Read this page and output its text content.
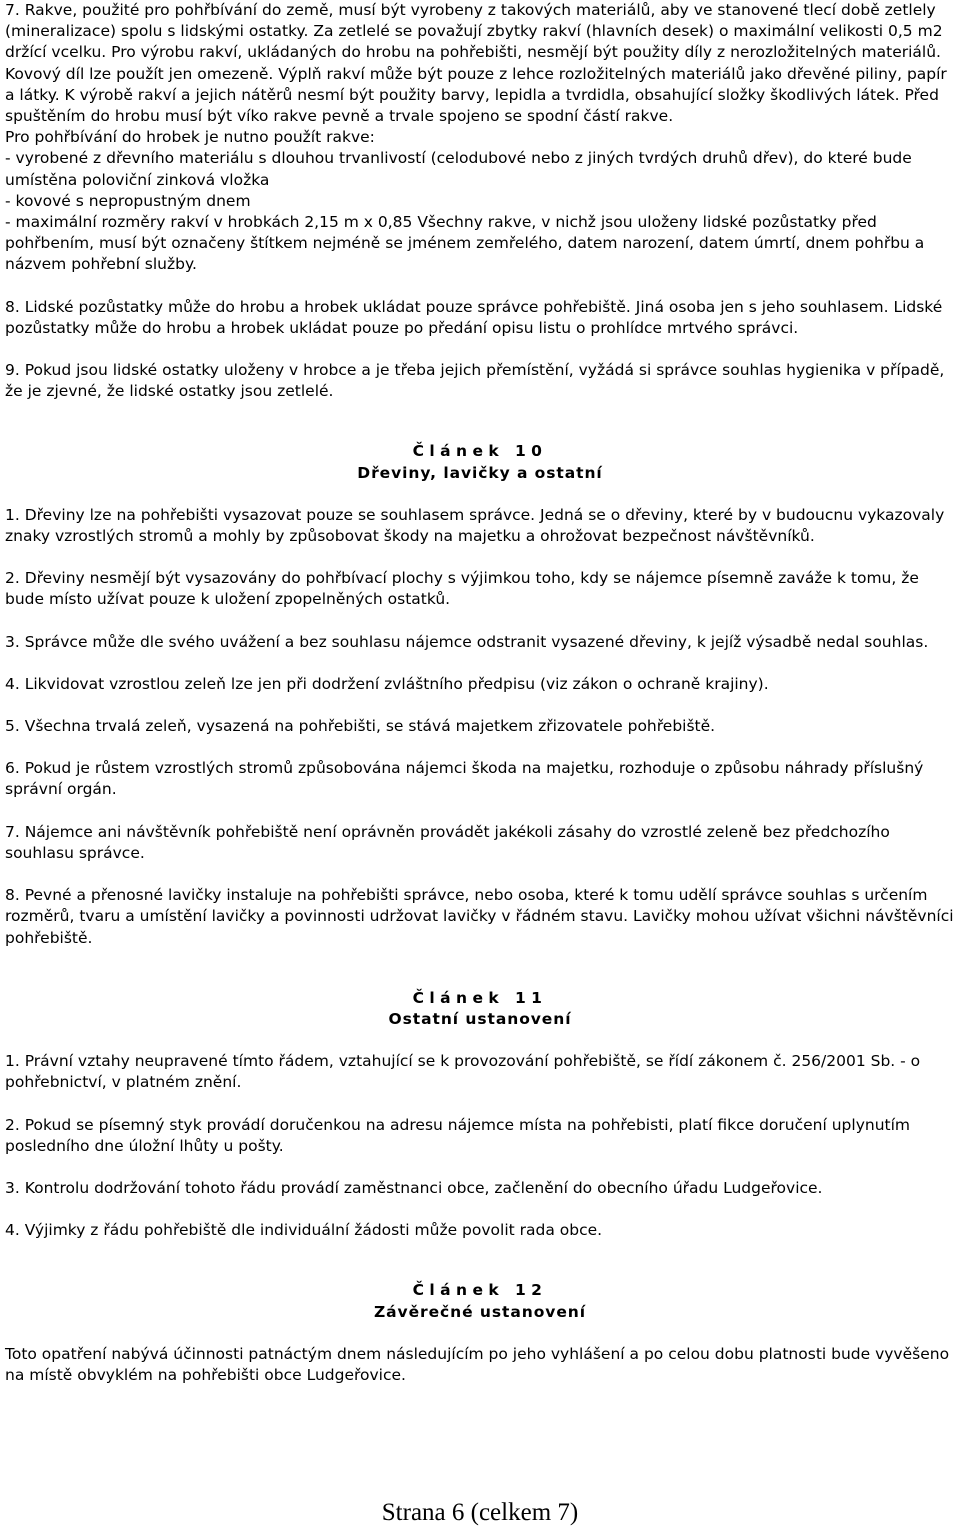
7. Rakve, použité pro pohřbívání do země, musí být vyrobeny z takových materiálů, aby ve stanovené tlecí době zetlely (mineralizace) spolu s lidskými ostatky. Za zetlelé se považují zbytky rakví (hlavních desek) o maximální velikosti 0,5 m2 držící vcelku. Pro výrobu rakví, ukládaných do hrobu na pohřebišti, nesmějí být použity díly z nerozložitelných materiálů. Kovový díl lze použít jen omezeně. Výplň rakví může být pouze z lehce rozložitelných materiálů jako dřevěné piliny, papír a látky. K výrobě rakví a jejich nátěrů nesmí být použity barvy, lepidla a tvrdidla, obsahující složky škodlivých látek. Před spuštěním do hrobu musí být víko rakve pevně a trvale spojeno se spodní částí rakve.

Pro pohřbívání do hrobek je nutno použít rakve:

- vyrobené z dřevního materiálu s dlouhou trvanlivostí (celodubové nebo z jiných tvrdých druhů dřev), do které bude umístěna poloviční zinková vložka

- kovové s nepropustným dnem

- maximální rozměry rakví v hrobkách 2,15 m x 0,85 Všechny rakve, v nichž jsou uloženy lidské pozůstatky před pohřbením, musí být označeny štítkem nejméně se jménem zemřelého, datem narození, datem úmrtí, dnem pohřbu a názvem pohřební služby.

8. Lidské pozůstatky může do hrobu a hrobek ukládat pouze správce pohřebiště. Jiná osoba jen s jeho souhlasem. Lidské pozůstatky může do hrobu a hrobek ukládat pouze po předání opisu listu o prohlídce mrtvého správci.

9. Pokud jsou lidské ostatky uloženy v hrobce a je třeba jejich přemístění, vyžádá si správce souhlas hygienika v případě, že je zjevné, že lidské ostatky jsou zetlelé.

Článek 10

Dřeviny, lavičky a ostatní

1. Dřeviny lze na pohřebišti vysazovat pouze se souhlasem správce. Jedná se o dřeviny, které by v budoucnu vykazovaly znaky vzrostlých stromů a mohly by způsobovat škody na majetku a ohrožovat bezpečnost návštěvníků.

2. Dřeviny nesmějí být vysazovány do pohřbívací plochy s výjimkou toho, kdy se nájemce písemně zaváže k tomu, že bude místo užívat pouze k uložení zpopelněných ostatků.

3. Správce může dle svého uvážení a bez souhlasu nájemce odstranit vysazené dřeviny, k jejíž výsadbě nedal souhlas.

4. Likvidovat vzrostlou zeleň lze jen při dodržení zvláštního předpisu (viz zákon o ochraně krajiny).

5. Všechna trvalá zeleň, vysazená na pohřebišti, se stává majetkem zřizovatele pohřebiště.

6. Pokud je růstem vzrostlých stromů způsobována nájemci škoda na majetku, rozhoduje o způsobu náhrady příslušný správní orgán.

7. Nájemce ani návštěvník pohřebiště není oprávněn provádět jakékoli zásahy do vzrostlé zeleně bez předchozího souhlasu správce.

8. Pevné a přenosné lavičky instaluje na pohřebišti správce, nebo osoba, které k tomu udělí správce souhlas s určením rozměrů, tvaru a umístění lavičky a povinnosti udržovat lavičky v řádném stavu. Lavičky mohou užívat všichni návštěvníci pohřebiště.

Článek 11

Ostatní ustanovení

1. Právní vztahy neupravené tímto řádem, vztahující se k provozování pohřebiště, se řídí zákonem č. 256/2001 Sb. - o pohřebnictví, v platném znění.

2. Pokud se písemný styk provádí doručenkou na adresu nájemce místa na pohřebisti, platí fikce doručení uplynutím posledního dne úložní lhůty u pošty.

3. Kontrolu dodržování tohoto řádu provádí zaměstnanci obce, začlenění do obecního úřadu Ludgeřovice.

4. Výjimky z řádu pohřebiště dle individuální žádosti může povolit rada obce.

Článek 12

Závěrečné ustanovení

Toto opatření nabývá účinnosti patnáctým dnem následujícím po jeho vyhlášení a po celou dobu platnosti bude vyvěšeno na místě obvyklém na pohřebišti obce Ludgeřovice.

Strana 6 (celkem 7)
